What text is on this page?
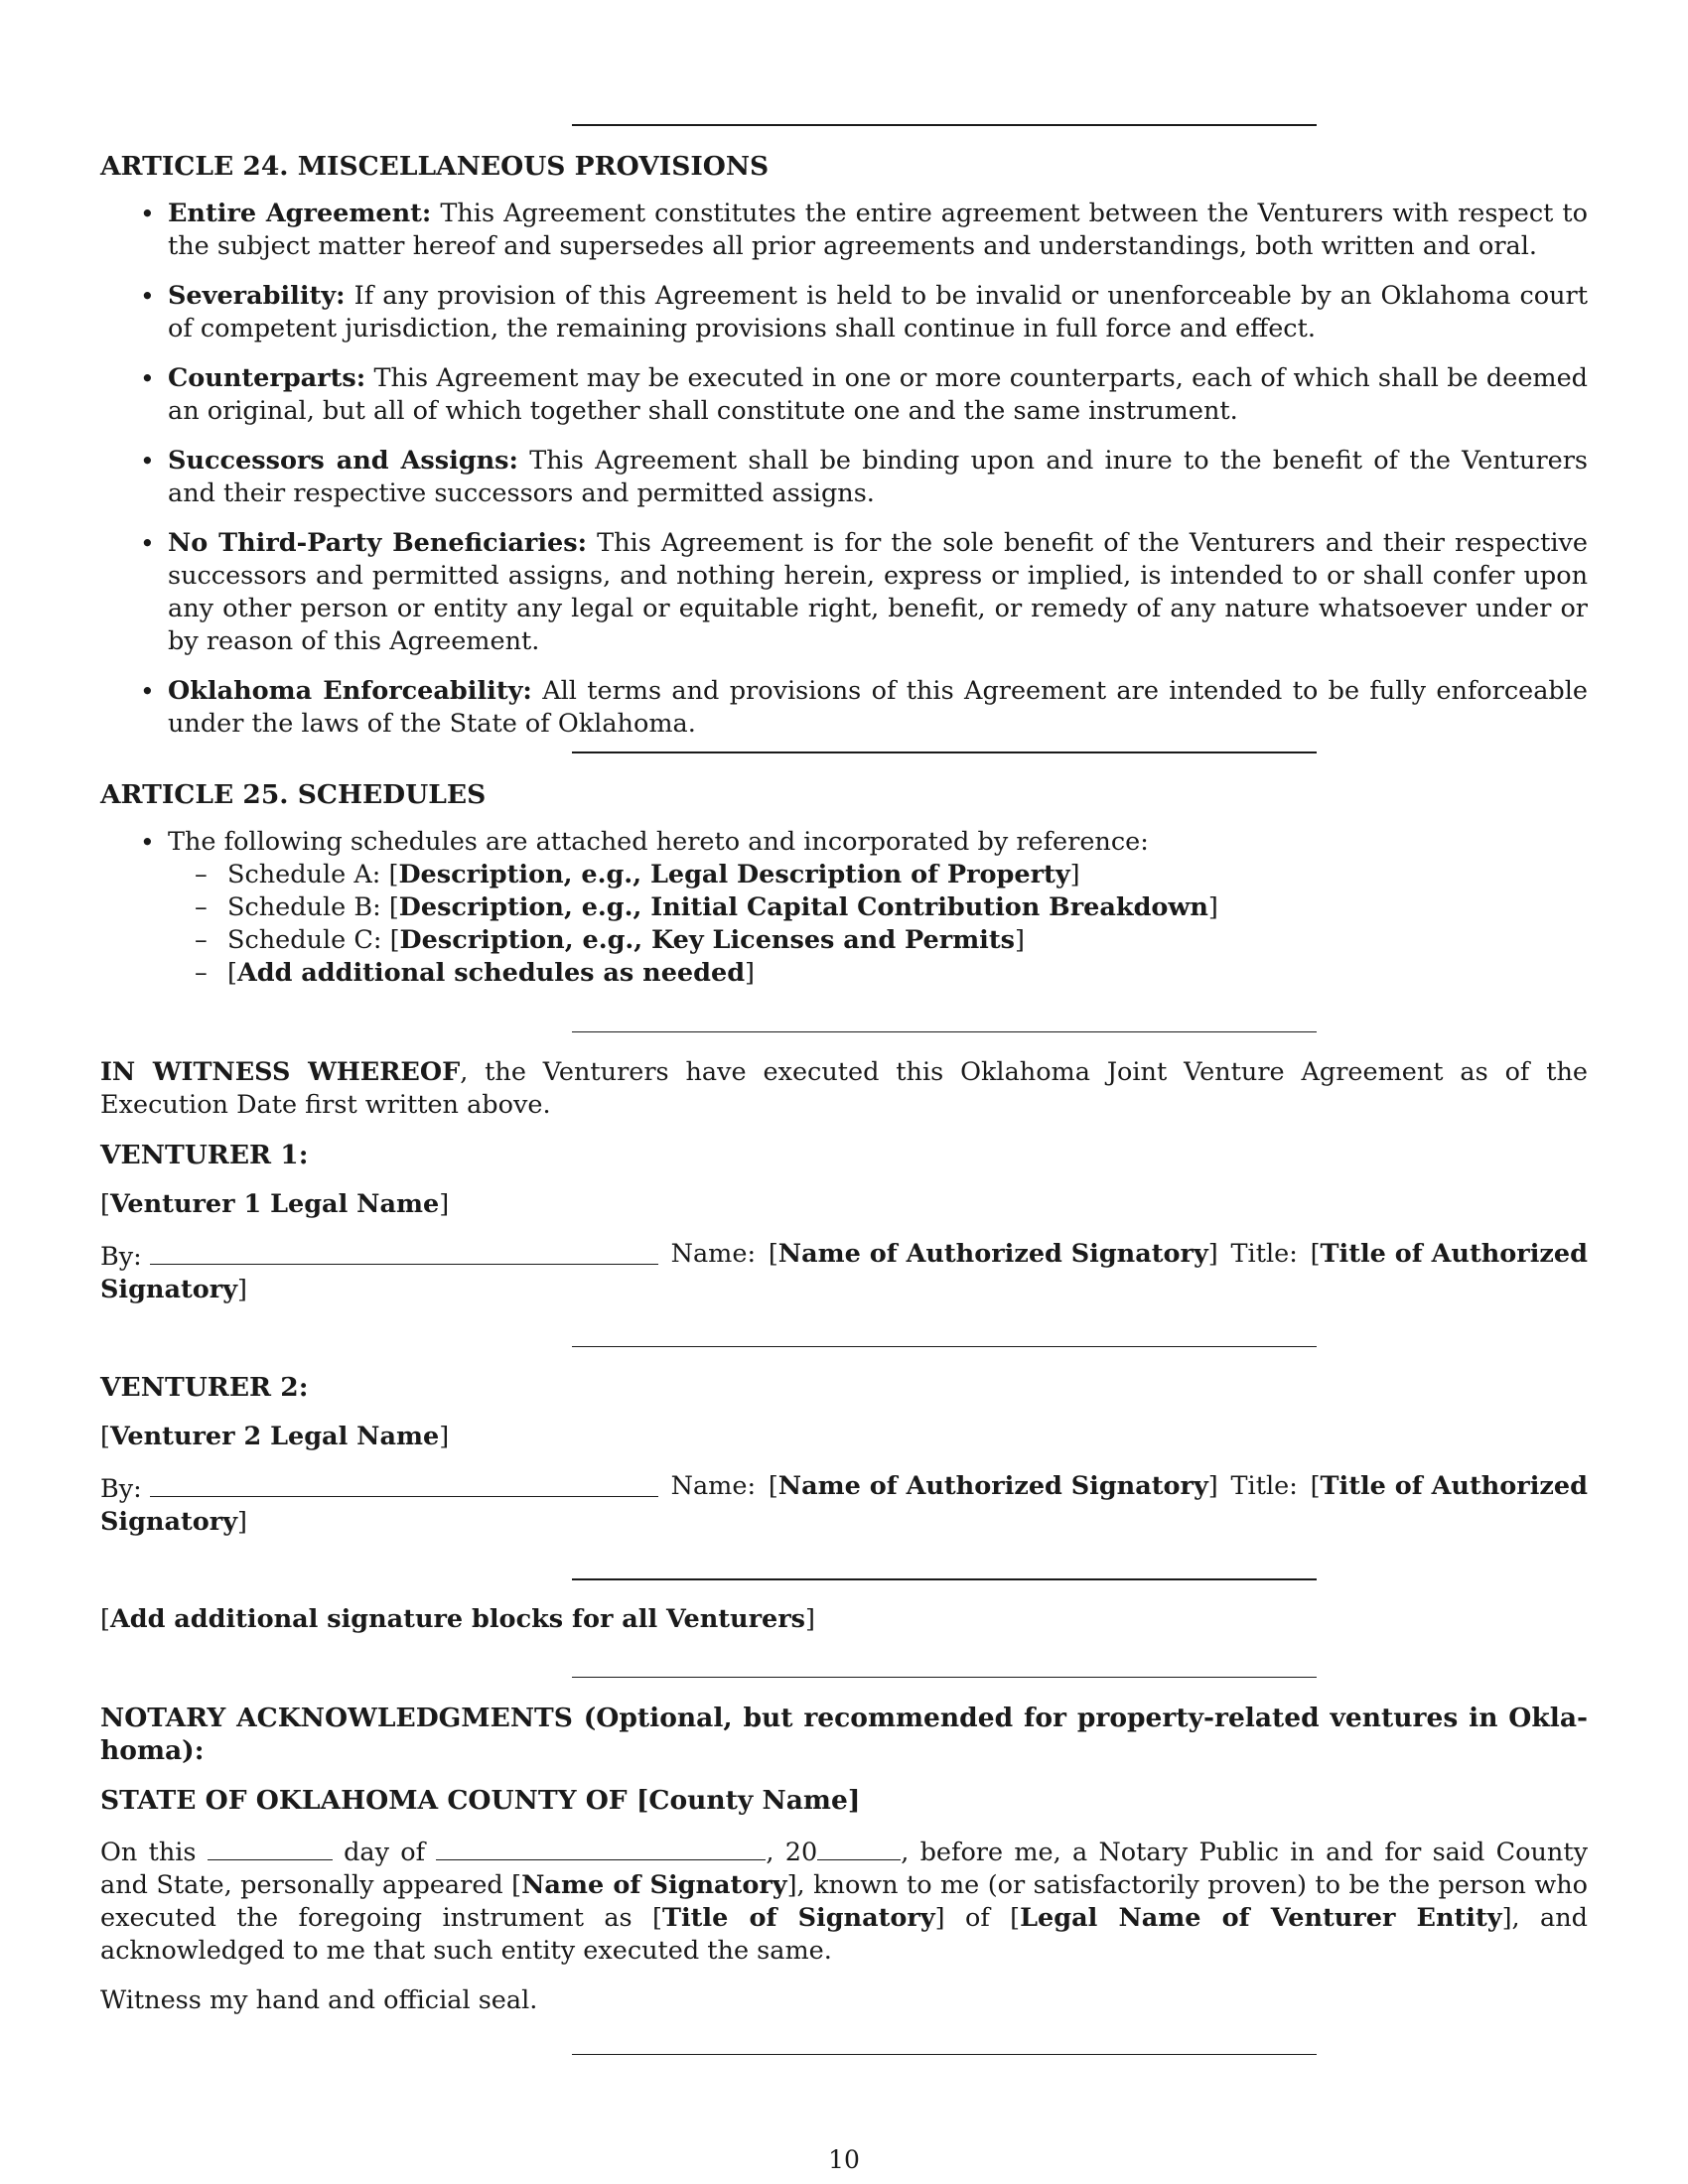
ARTICLE 24. MISCELLANEOUS PROVISIONS
• Entire Agreement: This Agreement constitutes the entire agreement between the Venturers with respect to the subject matter hereof and supersedes all prior agreements and understandings, both written and oral.
• Severability: If any provision of this Agreement is held to be invalid or unenforceable by an Oklahoma court of competent jurisdiction, the remaining provisions shall continue in full force and effect.
• Counterparts: This Agreement may be executed in one or more counterparts, each of which shall be deemed an original, but all of which together shall constitute one and the same instrument.
• Successors and Assigns: This Agreement shall be binding upon and inure to the benefit of the Venturers and their respective successors and permitted assigns.
• No Third-Party Beneficiaries: This Agreement is for the sole benefit of the Venturers and their respective successors and permitted assigns, and nothing herein, express or implied, is intended to or shall confer upon any other person or entity any legal or equitable right, benefit, or remedy of any nature whatsoever under or by reason of this Agreement.
• Oklahoma Enforceability: All terms and provisions of this Agreement are intended to be fully enforceable under the laws of the State of Oklahoma.
ARTICLE 25. SCHEDULES
• The following schedules are attached hereto and incorporated by reference:
– Schedule A: [Description, e.g., Legal Description of Property]
– Schedule B: [Description, e.g., Initial Capital Contribution Breakdown]
– Schedule C: [Description, e.g., Key Licenses and Permits]
– [Add additional schedules as needed]

IN WITNESS WHEREOF, the Venturers have executed this Oklahoma Joint Venture Agreement as of the Execution Date first written above.

VENTURER 1:
[Venturer 1 Legal Name]
By:	Name: [Name of Authorized Signatory] Title: [Title of Authorized
Signatory]
VENTURER 2:
[Venturer 2 Legal Name]
By:	Name: [Name of Authorized Signatory] Title: [Title of Authorized
Signatory]
[Add additional signature blocks for all Venturers]
NOTARY ACKNOWLEDGMENTS (Optional, but recommended for property-related ventures in Okla-
homa):
STATE OF OKLAHOMA COUNTY OF [County Name]

On this	day of	, 20	, before me, a Notary Public in and for said County and State, personally appeared [Name of Signatory], known to me (or satisfactorily proven) to be the person who executed the foregoing instrument as [Title of Signatory] of [Legal Name of Venturer Entity], and acknowledged to me that such entity executed the same.

Witness my hand and official seal.

10
